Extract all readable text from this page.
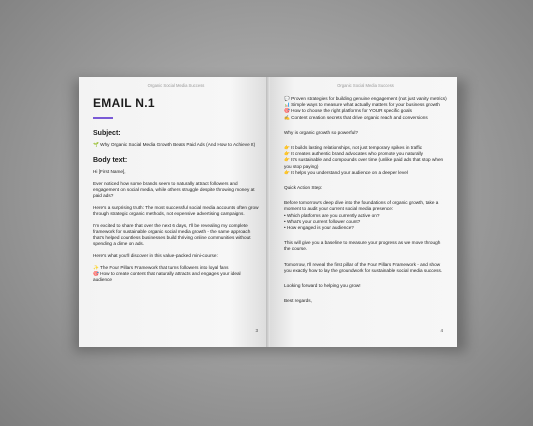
Organic Social Media Success
EMAIL N.1
Subject:
🌱 Why Organic Social Media Growth Beats Paid Ads (And How to Achieve It)
Body text:
Hi [First Name],
Ever noticed how some brands seem to naturally attract followers and engagement on social media, while others struggle despite throwing money at paid ads?
Here's a surprising truth: The most successful social media accounts often grow through strategic organic methods, not expensive advertising campaigns.
I'm excited to share that over the next 6 days, I'll be revealing my complete framework for sustainable organic social media growth - the same approach that's helped countless businesses build thriving online communities without spending a dime on ads.
Here's what you'll discover in this value-packed mini-course:
✨ The Four Pillars Framework that turns followers into loyal fans
🎯 How to create content that naturally attracts and engages your ideal audience
3
Organic Social Media Success
💬 Proven strategies for building genuine engagement (not just vanity metrics)
📊 Simple ways to measure what actually matters for your business growth
🎯 How to choose the right platforms for YOUR specific goals
✍️ Content creation secrets that drive organic reach and conversions
Why is organic growth so powerful?
👉 It builds lasting relationships, not just temporary spikes in traffic
👉 It creates authentic brand advocates who promote you naturally
👉 It's sustainable and compounds over time (unlike paid ads that stop when you stop paying)
👉 It helps you understand your audience on a deeper level
Quick Action Step:
Before tomorrow's deep dive into the foundations of organic growth, take a moment to audit your current social media presence:
• Which platforms are you currently active on?
• What's your current follower count?
• How engaged is your audience?
This will give you a baseline to measure your progress as we move through the course.
Tomorrow, I'll reveal the first pillar of the Four Pillars Framework - and show you exactly how to lay the groundwork for sustainable social media success.
Looking forward to helping you grow!
Best regards,
4
